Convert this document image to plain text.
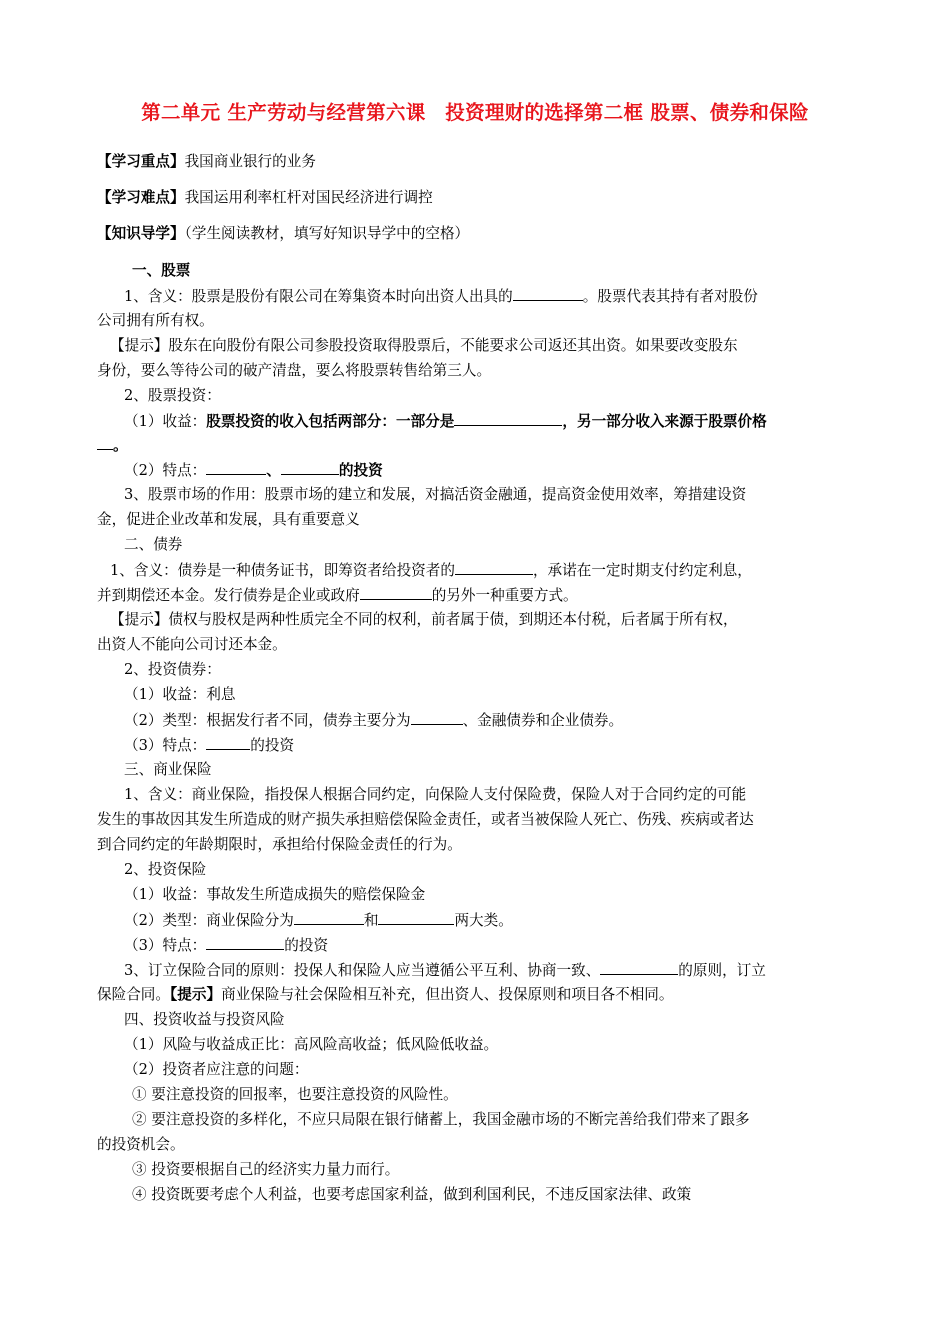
第二单元 生产劳动与经营第六课　投资理财的选择第二框 股票、债券和保险
【学习重点】我国商业银行的业务
【学习难点】我国运用利率杠杆对国民经济进行调控
【知识导学】（学生阅读教材，填写好知识导学中的空格）
一、股票
1、含义：股票是股份有限公司在筹集资本时向出资人出具的	。股票代表其持有者对股份
公司拥有所有权。
【提示】股东在向股份有限公司参股投资取得股票后，不能要求公司返还其出资。如果要改变股东
身份，要么等待公司的破产清盘，要么将股票转售给第三人。
2、股票投资：
（1）收益：股票投资的收入包括两部分：一部分是	，另一部分收入来源于股票价格
。
（2）特点：	、	的投资
3、股票市场的作用：股票市场的建立和发展，对搞活资金融通，提高资金使用效率，筹措建设资
金，促进企业改革和发展，具有重要意义
二、债券
1、含义：债券是一种债务证书，即筹资者给投资者的	，承诺在一定时期支付约定利息，
并到期偿还本金。发行债券是企业或政府	的另外一种重要方式。
【提示】债权与股权是两种性质完全不同的权利，前者属于债，到期还本付税，后者属于所有权，
出资人不能向公司讨还本金。
2、投资债券：
（1）收益：利息
（2）类型：根据发行者不同，债券主要分为	、金融债券和企业债券。
（3）特点：	的投资
三、商业保险
1、含义：商业保险，指投保人根据合同约定，向保险人支付保险费，保险人对于合同约定的可能
发生的事故因其发生所造成的财产损失承担赔偿保险金责任，或者当被保险人死亡、伤残、疾病或者达
到合同约定的年龄期限时，承担给付保险金责任的行为。
2、投资保险
（1）收益：事故发生所造成损失的赔偿保险金
（2）类型：商业保险分为	和	两大类。
（3）特点：	的投资
3、订立保险合同的原则：投保人和保险人应当遵循公平互利、协商一致、	的原则，订立
保险合同。【提示】商业保险与社会保险相互补充，但出资人、投保原则和项目各不相同。
四、投资收益与投资风险
（1）风险与收益成正比：高风险高收益；低风险低收益。
（2）投资者应注意的问题：
① 要注意投资的回报率，也要注意投资的风险性。
② 要注意投资的多样化，不应只局限在银行储蓄上，我国金融市场的不断完善给我们带来了跟多
的投资机会。
③ 投资要根据自己的经济实力量力而行。
④ 投资既要考虑个人利益，也要考虑国家利益，做到利国利民，不违反国家法律、政策
